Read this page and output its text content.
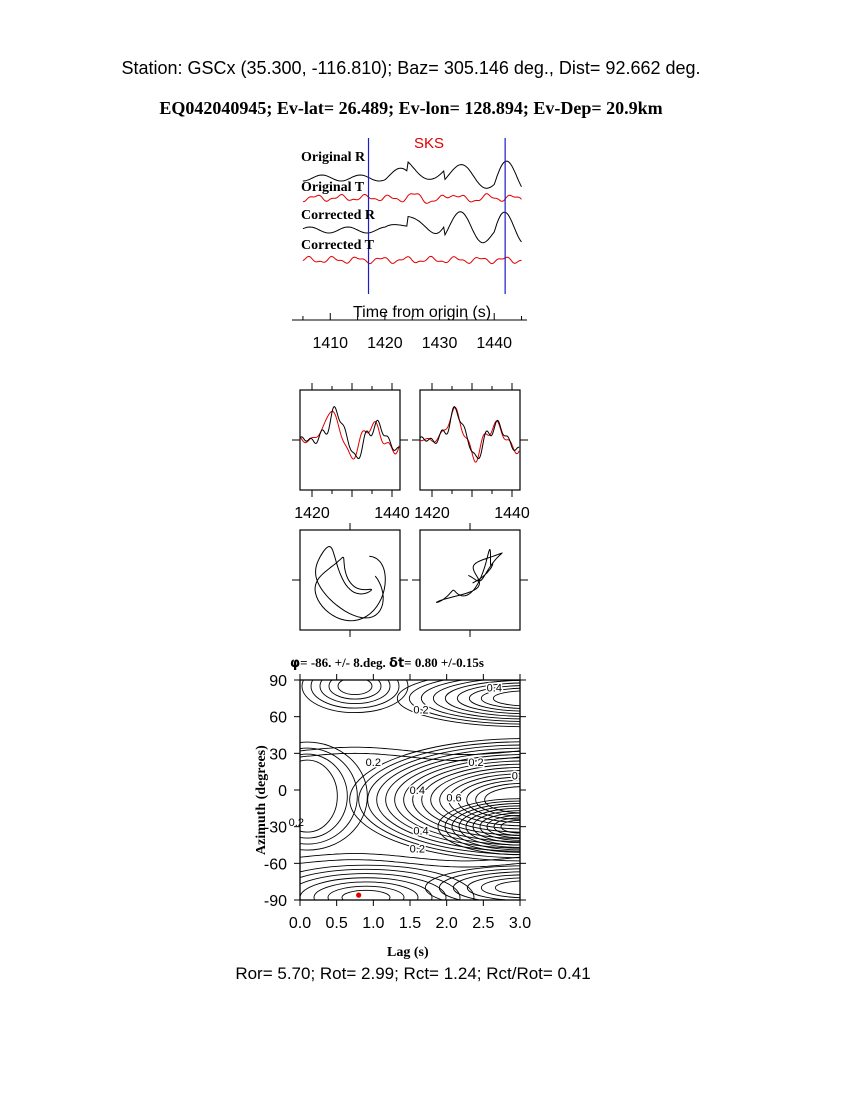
Station: GSCx (35.300, -116.810); Baz= 305.146 deg., Dist= 92.662 deg.
EQ042040945; Ev-lat= 26.489; Ev-lon= 128.894; Ev-Dep= 20.9km
SKS
Original R
Original T
Corrected R
Corrected T
Time from origin (s)
1410 1420 1430 1440
1420	1440 1420	1440
φ= -86. +/- 8.deg. δt= 0.80 +/-0.15s
0.4
0.2
0.2	0.2
0.
0.4
0.6
0.2
0.4
0.2
0.0 0.5 1.0 1.5 2.0 2.5 3.0
90
60
30
0
-30
-60
-90
Lag (s)
Azimuth (degrees)
Ror= 5.70; Rot= 2.99; Rct= 1.24; Rct/Rot= 0.41
